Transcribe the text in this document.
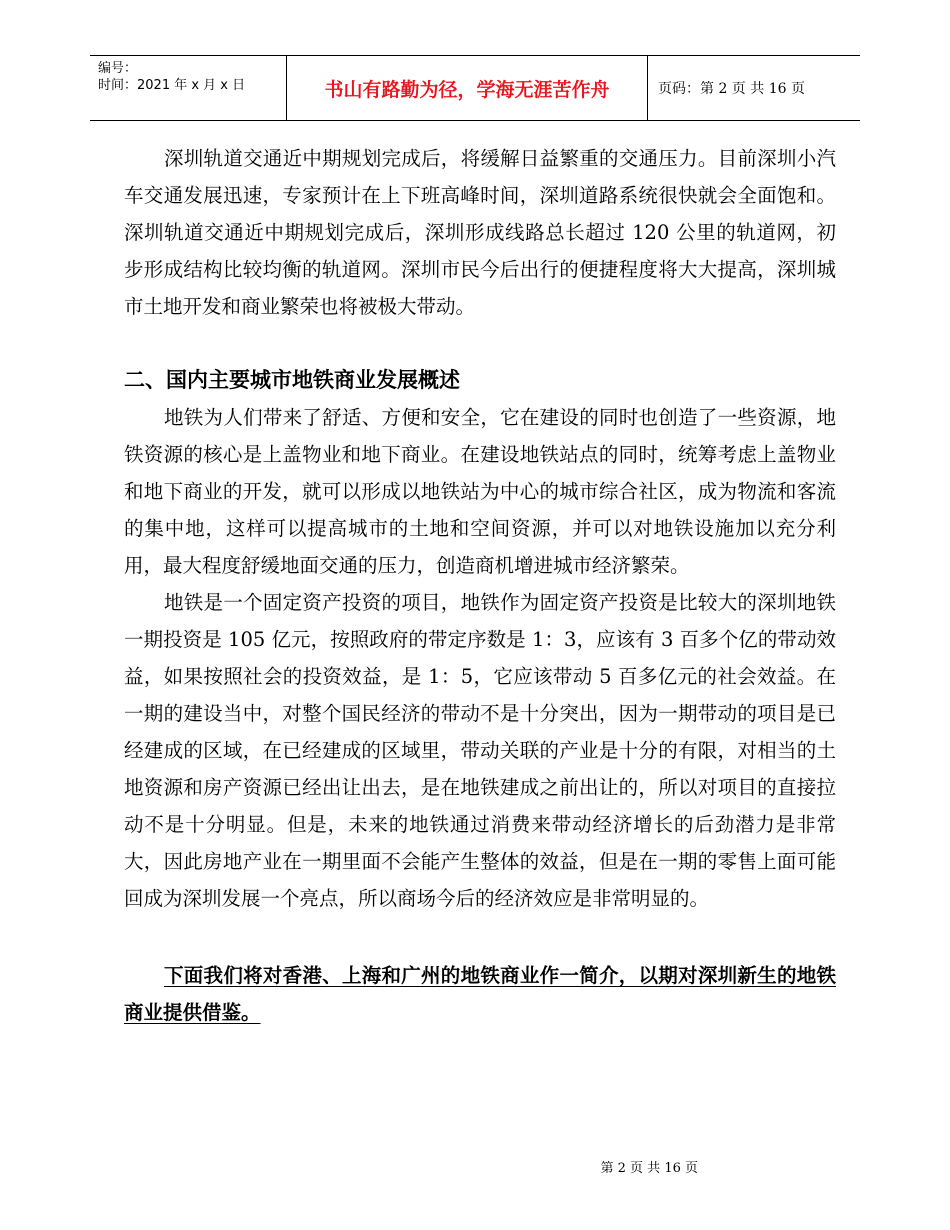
编号：
时间：2021 年 x 月 x 日	书山有路勤为径，学海无涯苦作舟	页码：第 2 页 共 16 页

深圳轨道交通近中期规划完成后，将缓解日益繁重的交通压力。目前深圳小汽车交通发展迅速，专家预计在上下班高峰时间，深圳道路系统很快就会全面饱和。深圳轨道交通近中期规划完成后，深圳形成线路总长超过 120 公里的轨道网，初步形成结构比较均衡的轨道网。深圳市民今后出行的便捷程度将大大提高，深圳城市土地开发和商业繁荣也将被极大带动。

二、国内主要城市地铁商业发展概述

地铁为人们带来了舒适、方便和安全，它在建设的同时也创造了一些资源，地铁资源的核心是上盖物业和地下商业。在建设地铁站点的同时，统筹考虑上盖物业和地下商业的开发，就可以形成以地铁站为中心的城市综合社区，成为物流和客流的集中地，这样可以提高城市的土地和空间资源，并可以对地铁设施加以充分利用，最大程度舒缓地面交通的压力，创造商机增进城市经济繁荣。

地铁是一个固定资产投资的项目，地铁作为固定资产投资是比较大的深圳地铁一期投资是 105 亿元，按照政府的带定序数是 1：3，应该有 3 百多个亿的带动效益，如果按照社会的投资效益，是 1：5，它应该带动 5 百多亿元的社会效益。在一期的建设当中，对整个国民经济的带动不是十分突出，因为一期带动的项目是已经建成的区域，在已经建成的区域里，带动关联的产业是十分的有限，对相当的土地资源和房产资源已经出让出去，是在地铁建成之前出让的，所以对项目的直接拉动不是十分明显。但是，未来的地铁通过消费来带动经济增长的后劲潜力是非常大，因此房地产业在一期里面不会能产生整体的效益，但是在一期的零售上面可能回成为深圳发展一个亮点，所以商场今后的经济效应是非常明显的。

下面我们将对香港、上海和广州的地铁商业作一简介，以期对深圳新生的地铁商业提供借鉴。

第 2 页 共 16 页
